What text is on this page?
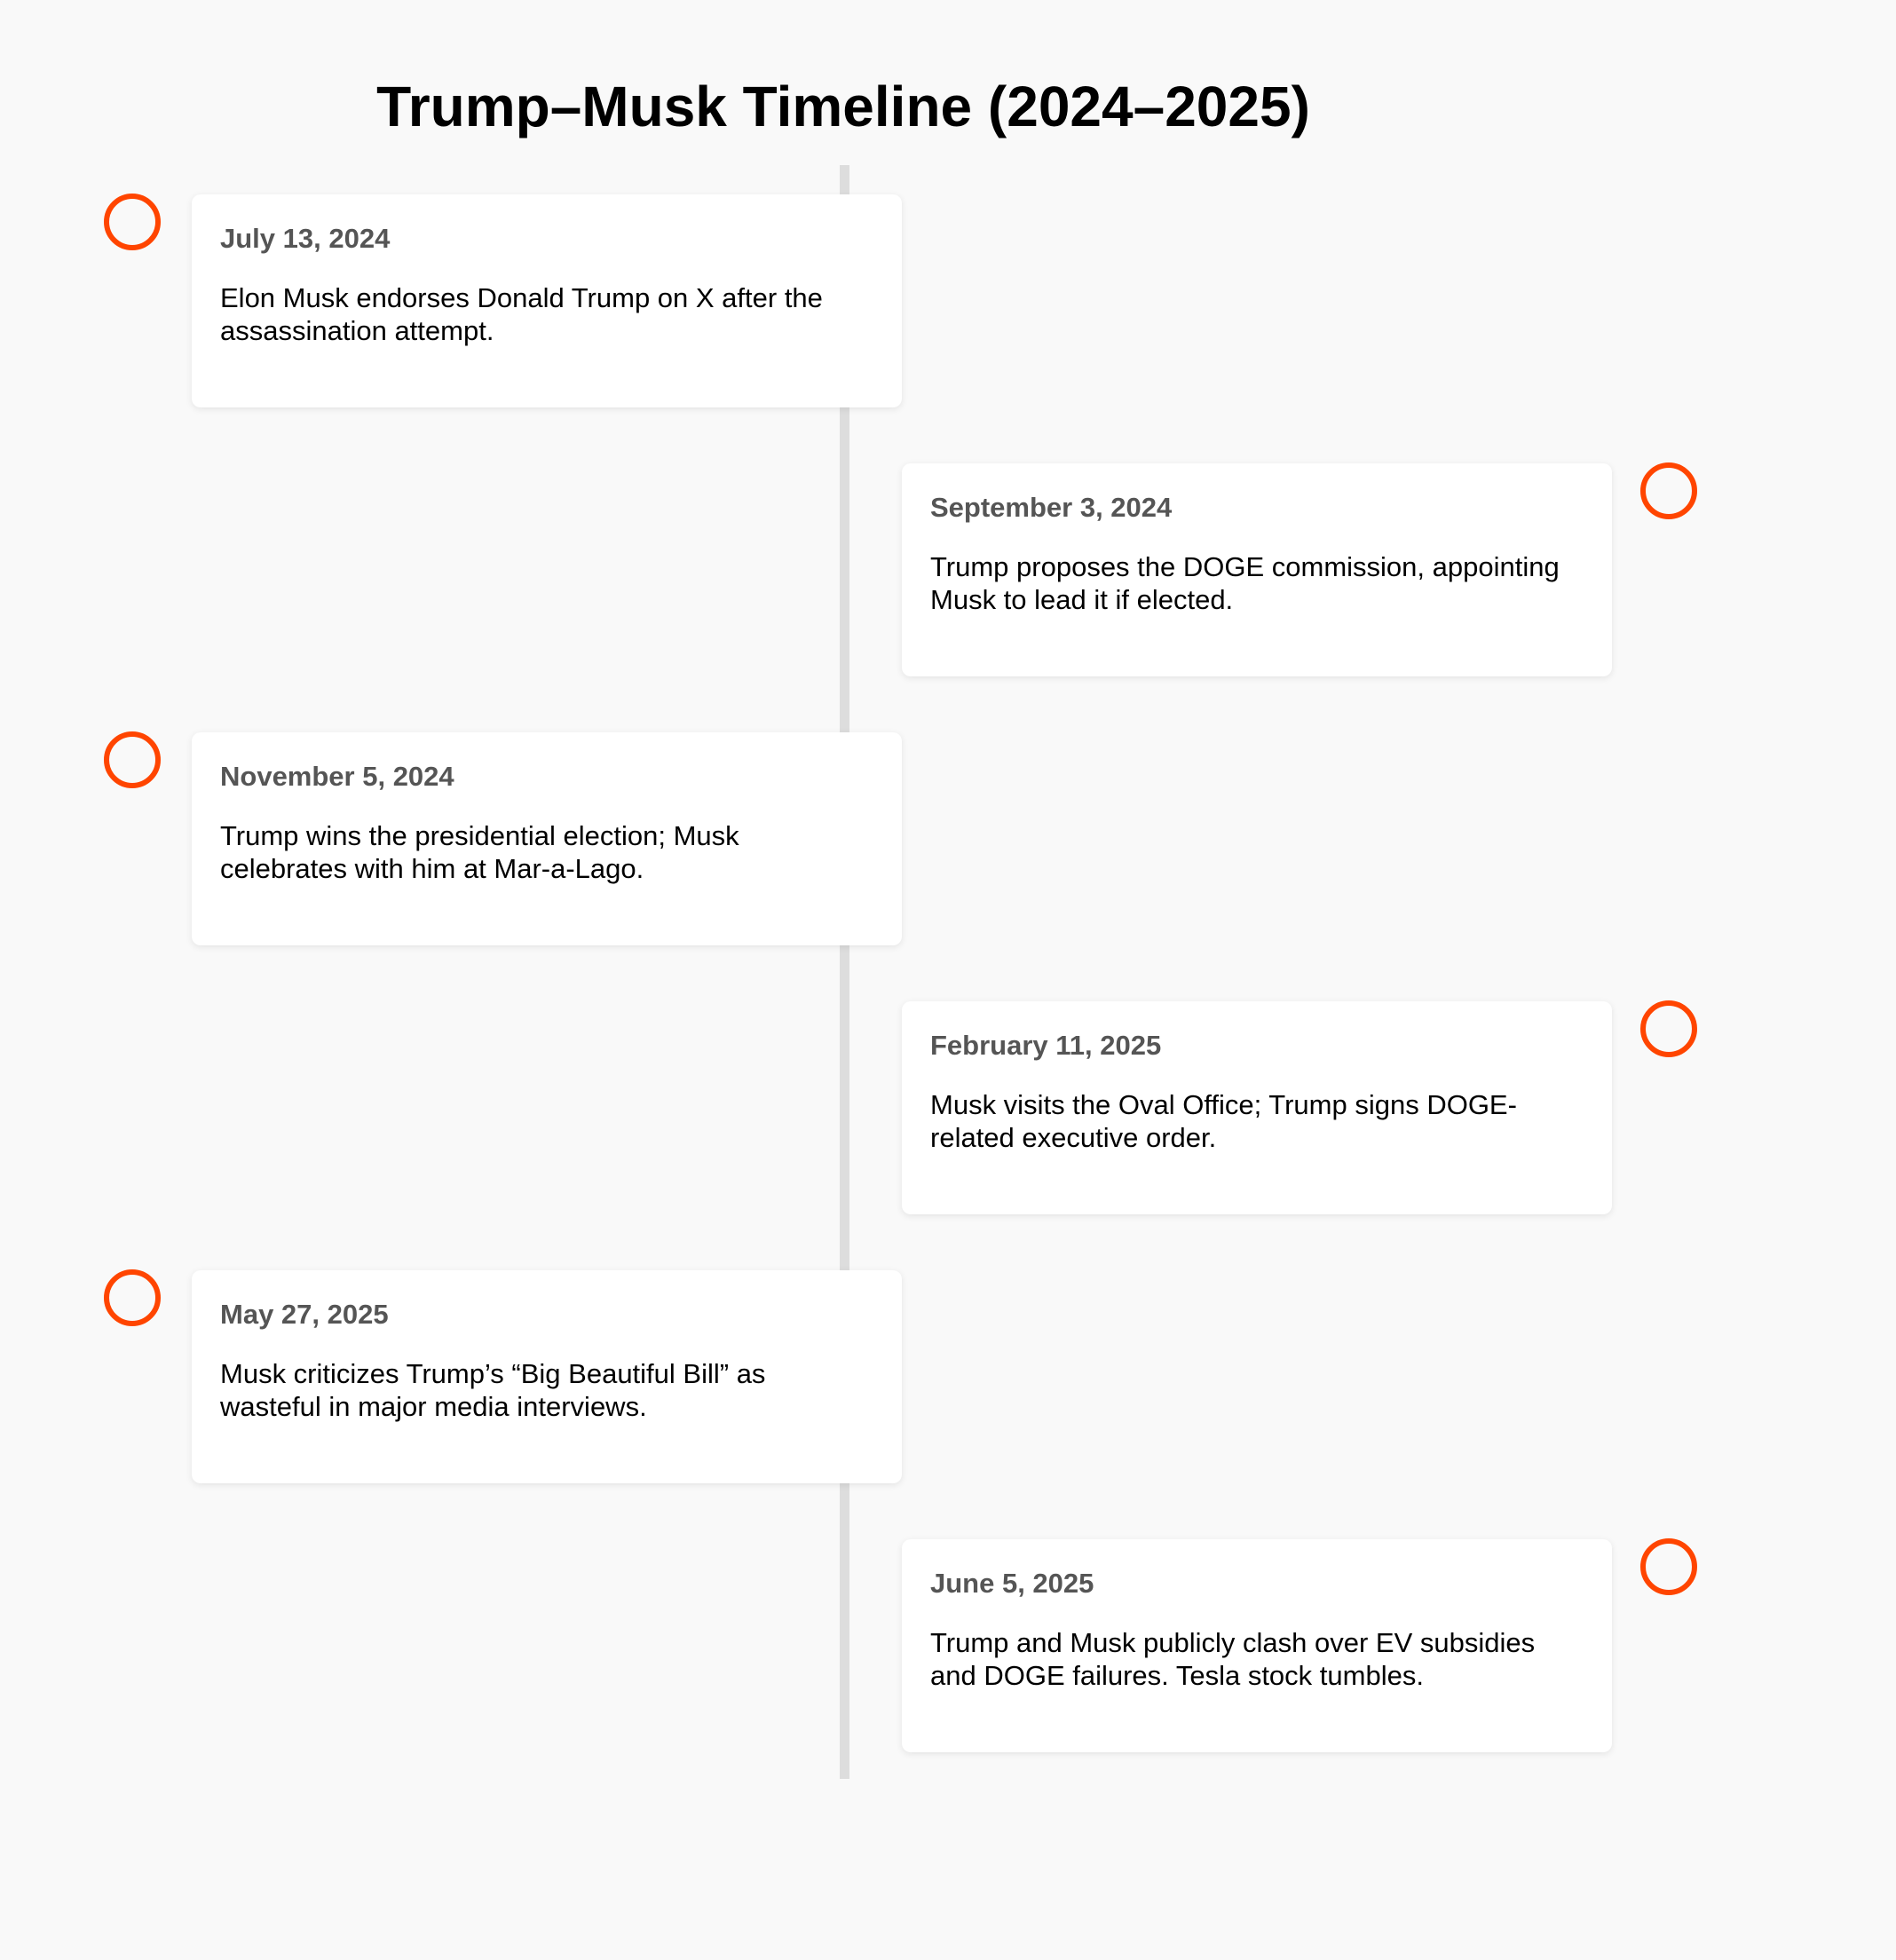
Trump–Musk Timeline (2024–2025)
July 13, 2024
Elon Musk endorses Donald Trump on X after the assassination attempt.
September 3, 2024
Trump proposes the DOGE commission, appointing Musk to lead it if elected.
November 5, 2024
Trump wins the presidential election; Musk celebrates with him at Mar-a-Lago.
February 11, 2025
Musk visits the Oval Office; Trump signs DOGE-related executive order.
May 27, 2025
Musk criticizes Trump’s “Big Beautiful Bill” as wasteful in major media interviews.
June 5, 2025
Trump and Musk publicly clash over EV subsidies and DOGE failures. Tesla stock tumbles.
